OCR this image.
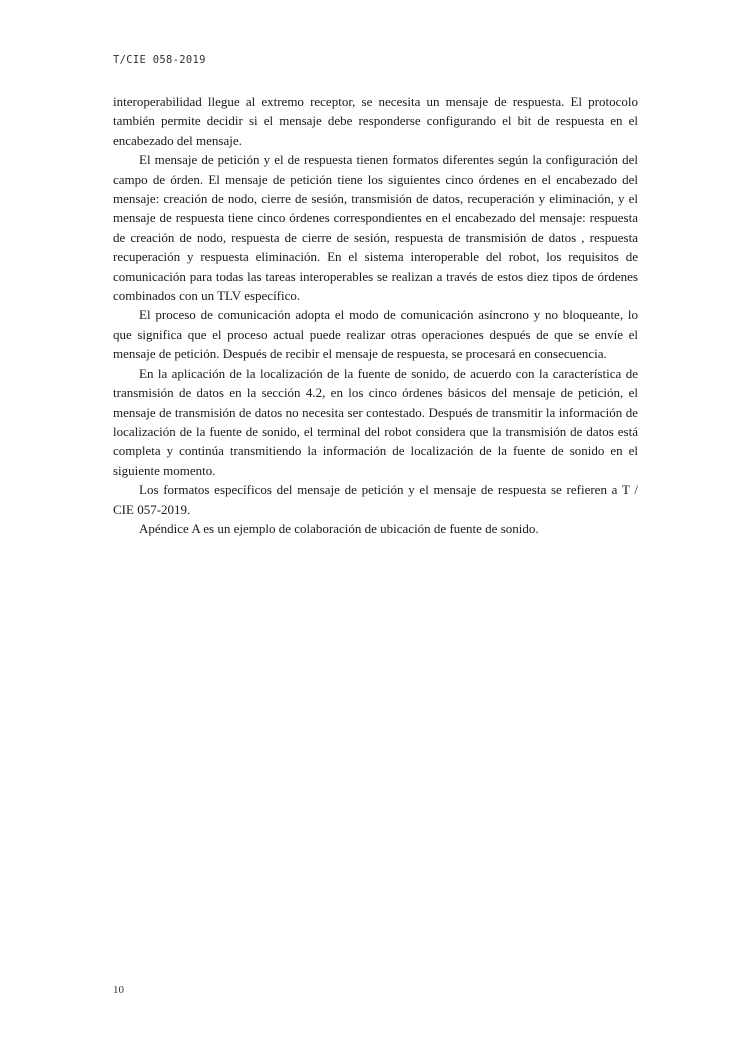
T/CIE 058-2019

interoperabilidad llegue al extremo receptor, se necesita un mensaje de respuesta. El protocolo también permite decidir si el mensaje debe responderse configurando el bit de respuesta en el encabezado del mensaje.

El mensaje de petición y el de respuesta tienen formatos diferentes según la configuración del campo de órden. El mensaje de petición tiene los siguientes cinco órdenes en el encabezado del mensaje: creación de nodo, cierre de sesión, transmisión de datos, recuperación y eliminación, y el mensaje de respuesta tiene cinco órdenes correspondientes en el encabezado del mensaje: respuesta de creación de nodo, respuesta de cierre de sesión, respuesta de transmisión de datos , respuesta recuperación y respuesta eliminación. En el sistema interoperable del robot, los requisitos de comunicación para todas las tareas interoperables se realizan a través de estos diez tipos de órdenes combinados con un TLV específico.

El proceso de comunicación adopta el modo de comunicación asíncrono y no bloqueante, lo que significa que el proceso actual puede realizar otras operaciones después de que se envíe el mensaje de petición. Después de recibir el mensaje de respuesta, se procesará en consecuencia.

En la aplicación de la localización de la fuente de sonido, de acuerdo con la característica de transmisión de datos en la sección 4.2, en los cinco órdenes básicos del mensaje de petición, el mensaje de transmisión de datos no necesita ser contestado. Después de transmitir la información de localización de la fuente de sonido, el terminal del robot considera que la transmisión de datos está completa y continúa transmitiendo la información de localización de la fuente de sonido en el siguiente momento.

Los formatos específicos del mensaje de petición y el mensaje de respuesta se refieren a T / CIE 057-2019.

Apéndice A es un ejemplo de colaboración de ubicación de fuente de sonido.

10
